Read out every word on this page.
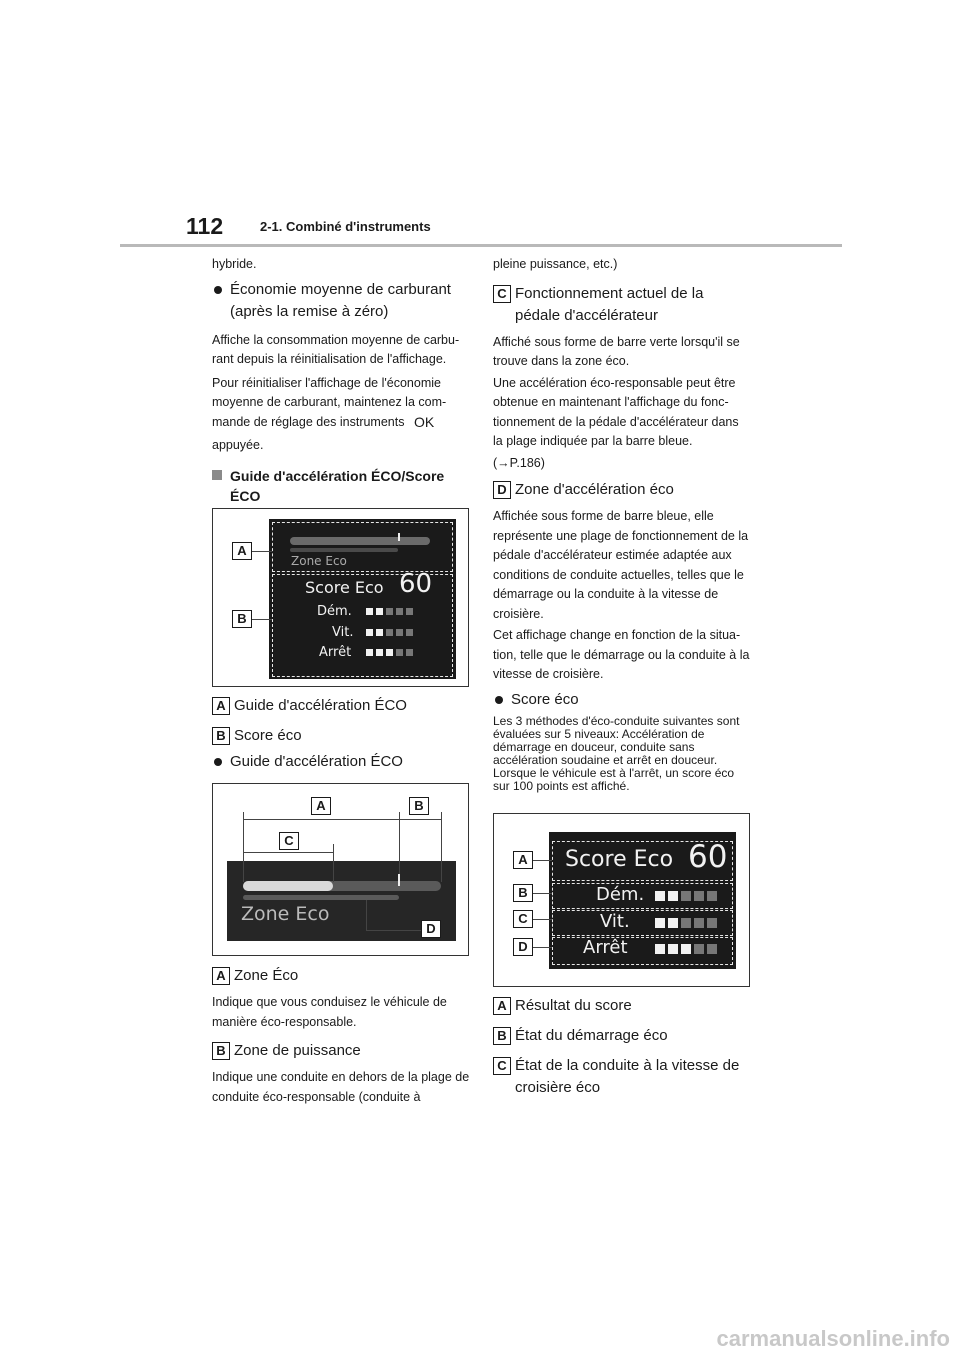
112	2-1. Combiné d'instruments

hybride.

Économie moyenne de carburant (après la remise à zéro)

Affiche la consommation moyenne de carbu-rant depuis la réinitialisation de l'affichage.

Pour réinitialiser l'affichage de l'économie moyenne de carburant, maintenez la com-mande de réglage des instruments OK

appuyée.

Guide d'accélération ÉCO/Score ÉCO
Zone Eco
Score Eco 60
Dém.
Vit.
Arrêt
A
B
A Guide d'accélération ÉCO
B Score éco
Guide d'accélération ÉCO
Zone Eco
A	B
C
D
A Zone Éco

Indique que vous conduisez le véhicule de manière éco-responsable.

B Zone de puissance

Indique une conduite en dehors de la plage de conduite éco-responsable (conduite à

pleine puissance, etc.)

C Fonctionnement actuel de la pédale d'accélérateur

Affiché sous forme de barre verte lorsqu'il se trouve dans la zone éco.

Une accélération éco-responsable peut être obtenue en maintenant l'affichage du fonc-tionnement de la pédale d'accélérateur dans la plage indiquée par la barre bleue.

(→P.186)

D Zone d'accélération éco

Affichée sous forme de barre bleue, elle représente une plage de fonctionnement de la pédale d'accélérateur estimée adaptée aux conditions de conduite actuelles, telles que le démarrage ou la conduite à la vitesse de croisière.

Cet affichage change en fonction de la situa-tion, telle que le démarrage ou la conduite à la vitesse de croisière.

Score éco

Les 3 méthodes d'éco-conduite suivantes sont évaluées sur 5 niveaux: Accélération de démarrage en douceur, conduite sans accélération soudaine et arrêt en douceur. Lorsque le véhicule est à l'arrêt, un score éco sur 100 points est affiché.

Score Eco 60
Dém.
Vit.
Arrêt
A
B
C
D
A Résultat du score
B État du démarrage éco
C État de la conduite à la vitesse de croisière éco
carmanualsonline.info
